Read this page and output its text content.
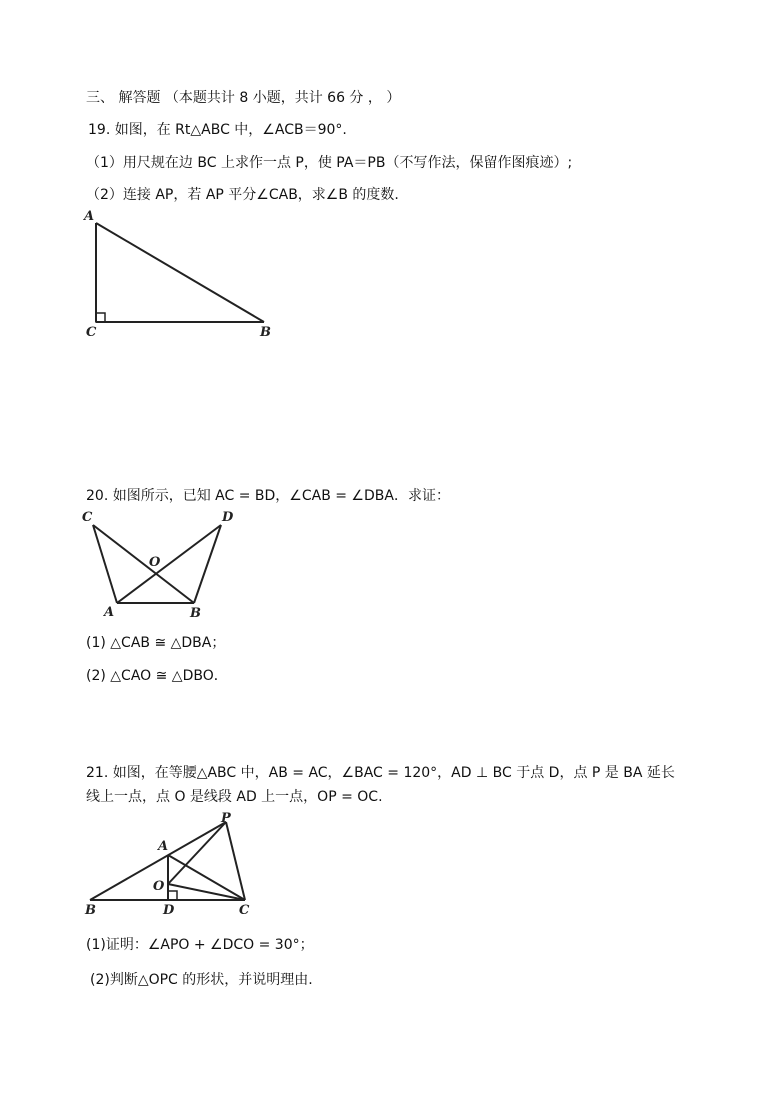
三、 解答题 （本题共计 8 小题，共计 66 分 ， ）
19. 如图，在 Rt△ABC 中，∠ACB＝90°.
（1）用尺规在边 BC 上求作一点 P，使 PA＝PB（不写作法，保留作图痕迹）;
（2）连接 AP，若 AP 平分∠CAB，求∠B 的度数.
A
C	B
20. 如图所示，已知 AC = BD，∠CAB = ∠DBA．求证：
C	D
O
A	B
(1) △CAB ≅ △DBA；
(2) △CAO ≅ △DBO．
21. 如图，在等腰△ABC 中，AB = AC，∠BAC = 120°，AD ⊥ BC 于点 D，点 P 是 BA 延长
线上一点，点 O 是线段 AD 上一点，OP = OC.
P
A
O
B	D	C
(1)证明：∠APO + ∠DCO = 30°；
(2)判断△OPC 的形状，并说明理由.
